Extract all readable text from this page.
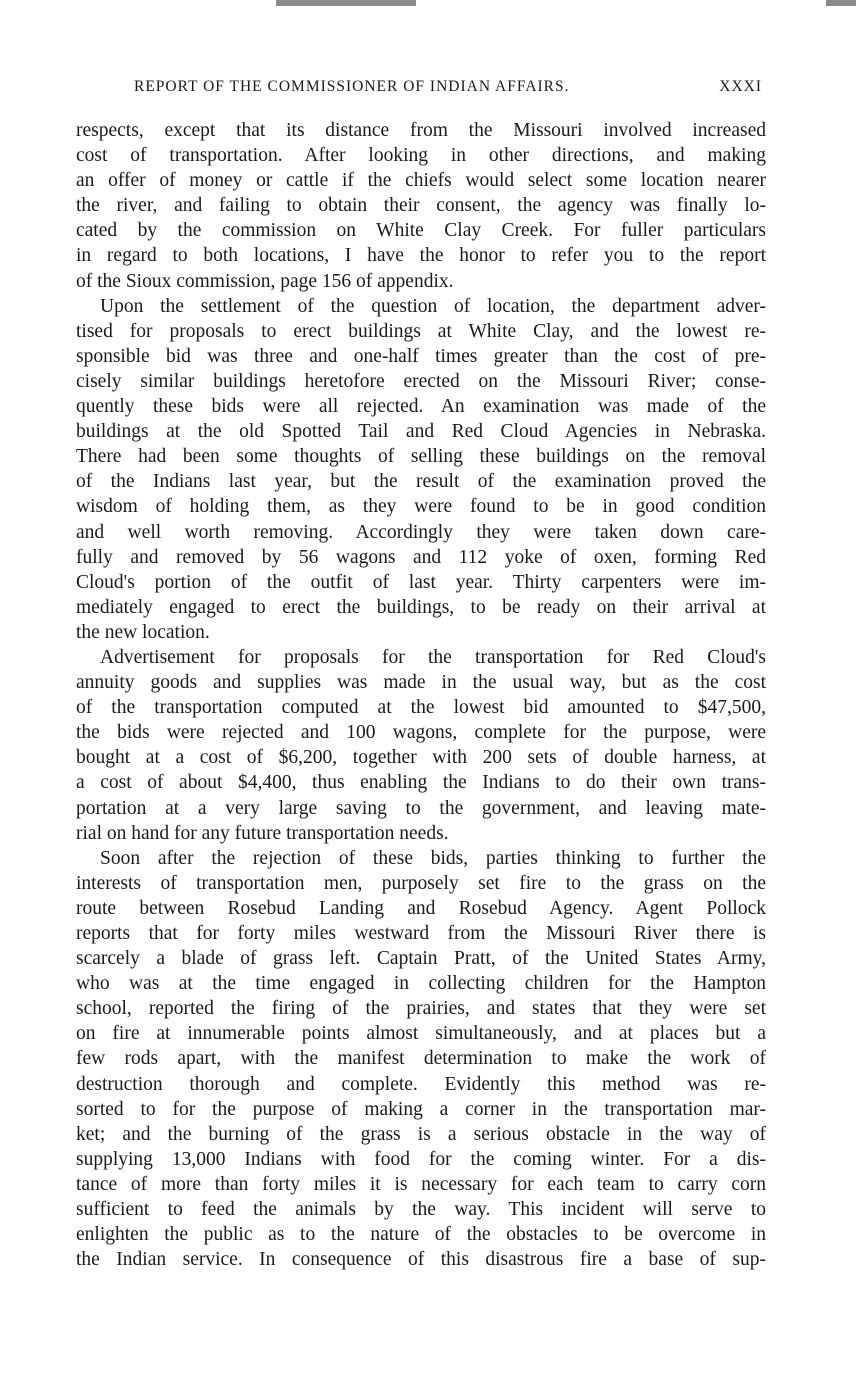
REPORT OF THE COMMISSIONER OF INDIAN AFFAIRS.	XXXI
respects, except that its distance from the Missouri involved increased
cost of transportation. After looking in other directions, and making
an offer of money or cattle if the chiefs would select some location nearer
the river, and failing to obtain their consent, the agency was finally lo-
cated by the commission on White Clay Creek. For fuller particulars
in regard to both locations, I have the honor to refer you to the report
of the Sioux commission, page 156 of appendix.
Upon the settlement of the question of location, the department adver-
tised for proposals to erect buildings at White Clay, and the lowest re-
sponsible bid was three and one-half times greater than the cost of pre-
cisely similar buildings heretofore erected on the Missouri River; conse-
quently these bids were all rejected. An examination was made of the
buildings at the old Spotted Tail and Red Cloud Agencies in Nebraska.
There had been some thoughts of selling these buildings on the removal
of the Indians last year, but the result of the examination proved the
wisdom of holding them, as they were found to be in good condition
and well worth removing. Accordingly they were taken down care-
fully and removed by 56 wagons and 112 yoke of oxen, forming Red
Cloud's portion of the outfit of last year. Thirty carpenters were im-
mediately engaged to erect the buildings, to be ready on their arrival at
the new location.
Advertisement for proposals for the transportation for Red Cloud's
annuity goods and supplies was made in the usual way, but as the cost
of the transportation computed at the lowest bid amounted to $47,500,
the bids were rejected and 100 wagons, complete for the purpose, were
bought at a cost of $6,200, together with 200 sets of double harness, at
a cost of about $4,400, thus enabling the Indians to do their own trans-
portation at a very large saving to the government, and leaving mate-
rial on hand for any future transportation needs.
Soon after the rejection of these bids, parties thinking to further the
interests of transportation men, purposely set fire to the grass on the
route between Rosebud Landing and Rosebud Agency. Agent Pollock
reports that for forty miles westward from the Missouri River there is
scarcely a blade of grass left. Captain Pratt, of the United States Army,
who was at the time engaged in collecting children for the Hampton
school, reported the firing of the prairies, and states that they were set
on fire at innumerable points almost simultaneously, and at places but a
few rods apart, with the manifest determination to make the work of
destruction thorough and complete. Evidently this method was re-
sorted to for the purpose of making a corner in the transportation mar-
ket; and the burning of the grass is a serious obstacle in the way of
supplying 13,000 Indians with food for the coming winter. For a dis-
tance of more than forty miles it is necessary for each team to carry corn
sufficient to feed the animals by the way. This incident will serve to
enlighten the public as to the nature of the obstacles to be overcome in
the Indian service. In consequence of this disastrous fire a base of sup-
